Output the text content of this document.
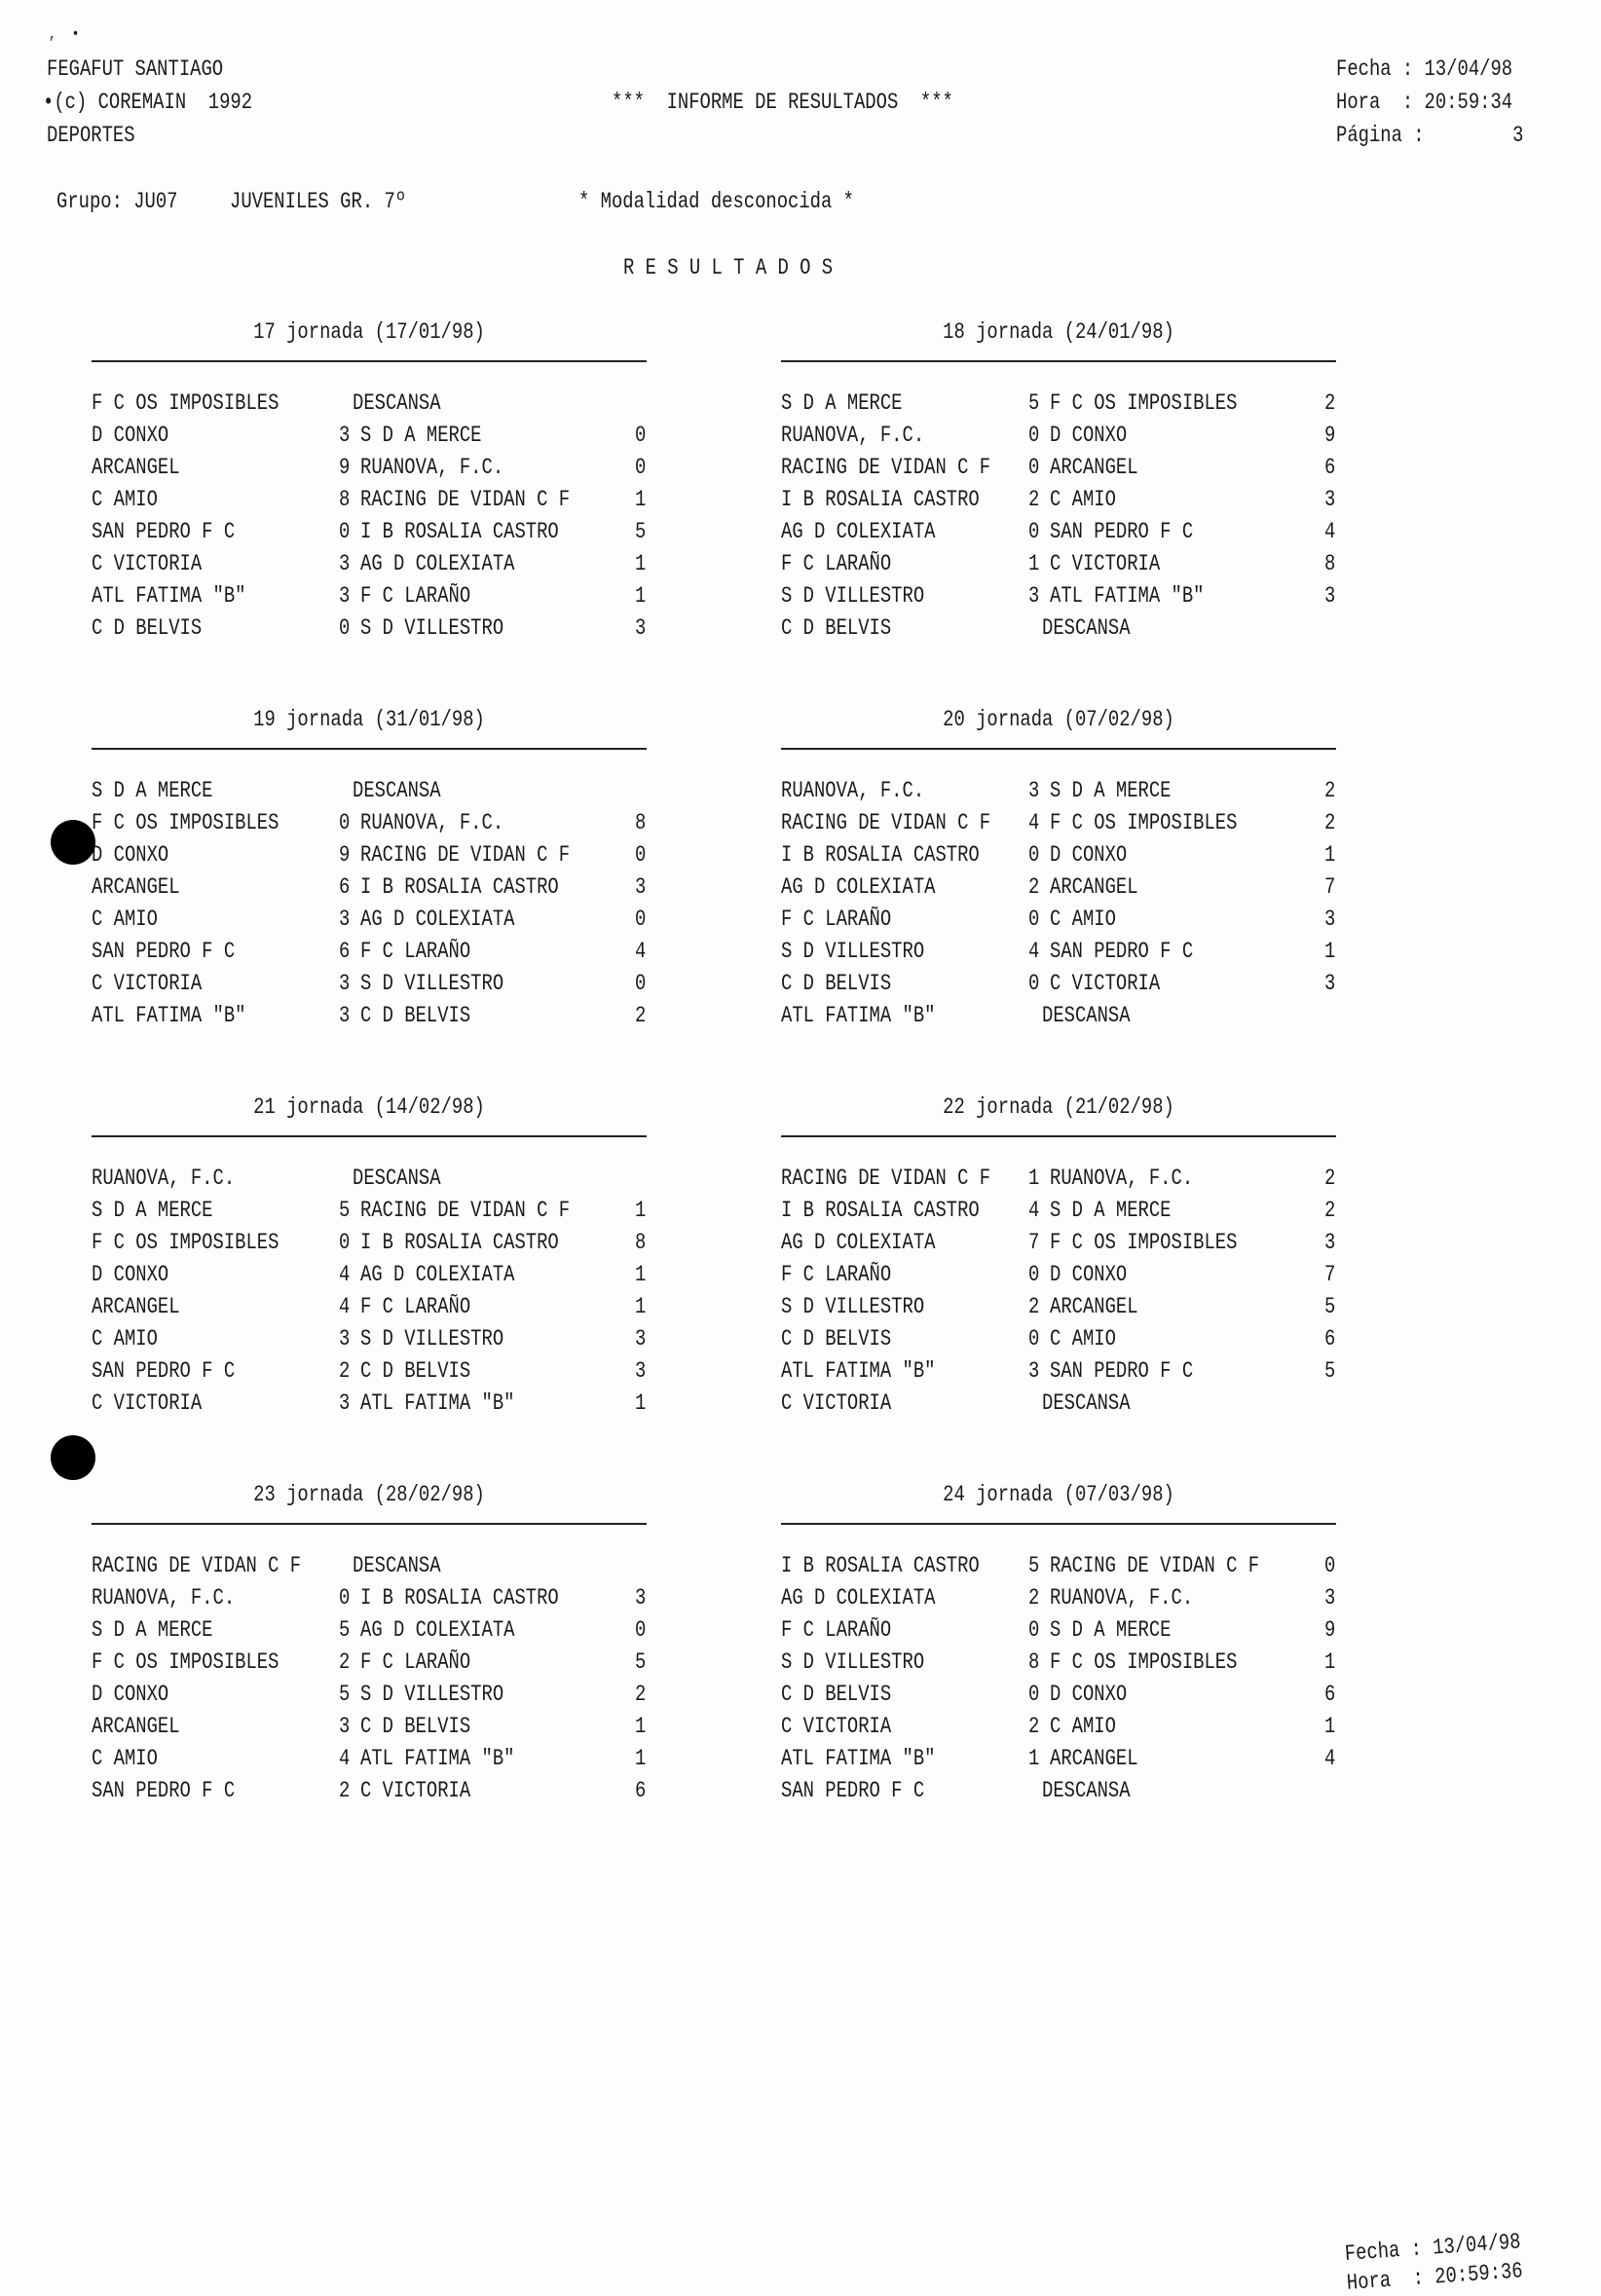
,  •
FEGAFUT SANTIAGO
•(c) COREMAIN  1992
DEPORTES
***  INFORME DE RESULTADOS  ***
Fecha : 13/04/98
Hora  : 20:59:34
Página :        3
Grupo: JU07 JUVENILES GR. 7º	* Modalidad desconocida *
R E S U L T A D O S
17 jornada (17/01/98)
F C OS IMPOSIBLES	DESCANSA
D CONXO	3 S D A MERCE	0
ARCANGEL	9 RUANOVA, F.C.	0
C AMIO	8 RACING DE VIDAN C F	1
SAN PEDRO F C	0 I B ROSALIA CASTRO	5
C VICTORIA	3 AG D COLEXIATA	1
ATL FATIMA "B"	3 F C LARAÑO	1
C D BELVIS	0 S D VILLESTRO	3
18 jornada (24/01/98)
S D A MERCE	5 F C OS IMPOSIBLES	2
RUANOVA, F.C.	0 D CONXO	9
RACING DE VIDAN C F 0 ARCANGEL	6
I B ROSALIA CASTRO 2 C AMIO	3
AG D COLEXIATA	0 SAN PEDRO F C	4
F C LARAÑO	1 C VICTORIA	8
S D VILLESTRO	3 ATL FATIMA "B"	3
C D BELVIS	DESCANSA
19 jornada (31/01/98)
S D A MERCE	DESCANSA
F C OS IMPOSIBLES	0 RUANOVA, F.C.	8
D CONXO	9 RACING DE VIDAN C F	0
ARCANGEL	6 I B ROSALIA CASTRO	3
C AMIO	3 AG D COLEXIATA	0
SAN PEDRO F C	6 F C LARAÑO	4
C VICTORIA	3 S D VILLESTRO	0
ATL FATIMA "B"	3 C D BELVIS	2
20 jornada (07/02/98)
RUANOVA, F.C.	3 S D A MERCE	2
RACING DE VIDAN C F 4 F C OS IMPOSIBLES	2
I B ROSALIA CASTRO 0 D CONXO	1
AG D COLEXIATA	2 ARCANGEL	7
F C LARAÑO	0 C AMIO	3
S D VILLESTRO	4 SAN PEDRO F C	1
C D BELVIS	0 C VICTORIA	3
ATL FATIMA "B"	DESCANSA
21 jornada (14/02/98)
RUANOVA, F.C.	DESCANSA
S D A MERCE	5 RACING DE VIDAN C F	1
F C OS IMPOSIBLES	0 I B ROSALIA CASTRO	8
D CONXO	4 AG D COLEXIATA	1
ARCANGEL	4 F C LARAÑO	1
C AMIO	3 S D VILLESTRO	3
SAN PEDRO F C	2 C D BELVIS	3
C VICTORIA	3 ATL FATIMA "B"	1
22 jornada (21/02/98)
RACING DE VIDAN C F 1 RUANOVA, F.C.	2
I B ROSALIA CASTRO 4 S D A MERCE	2
AG D COLEXIATA	7 F C OS IMPOSIBLES	3
F C LARAÑO	0 D CONXO	7
S D VILLESTRO	2 ARCANGEL	5
C D BELVIS	0 C AMIO	6
ATL FATIMA "B"	3 SAN PEDRO F C	5
C VICTORIA	DESCANSA
23 jornada (28/02/98)
RACING DE VIDAN C F DESCANSA
RUANOVA, F.C.	0 I B ROSALIA CASTRO	3
S D A MERCE	5 AG D COLEXIATA	0
F C OS IMPOSIBLES	2 F C LARAÑO	5
D CONXO	5 S D VILLESTRO	2
ARCANGEL	3 C D BELVIS	1
C AMIO	4 ATL FATIMA "B"	1
SAN PEDRO F C	2 C VICTORIA	6
24 jornada (07/03/98)
I B ROSALIA CASTRO 5 RACING DE VIDAN C F	0
AG D COLEXIATA	2 RUANOVA, F.C.	3
F C LARAÑO	0 S D A MERCE	9
S D VILLESTRO	8 F C OS IMPOSIBLES	1
C D BELVIS	0 D CONXO	6
C VICTORIA	2 C AMIO	1
ATL FATIMA "B"	1 ARCANGEL	4
SAN PEDRO F C	DESCANSA
Fecha : 13/04/98
Hora  : 20:59:36
